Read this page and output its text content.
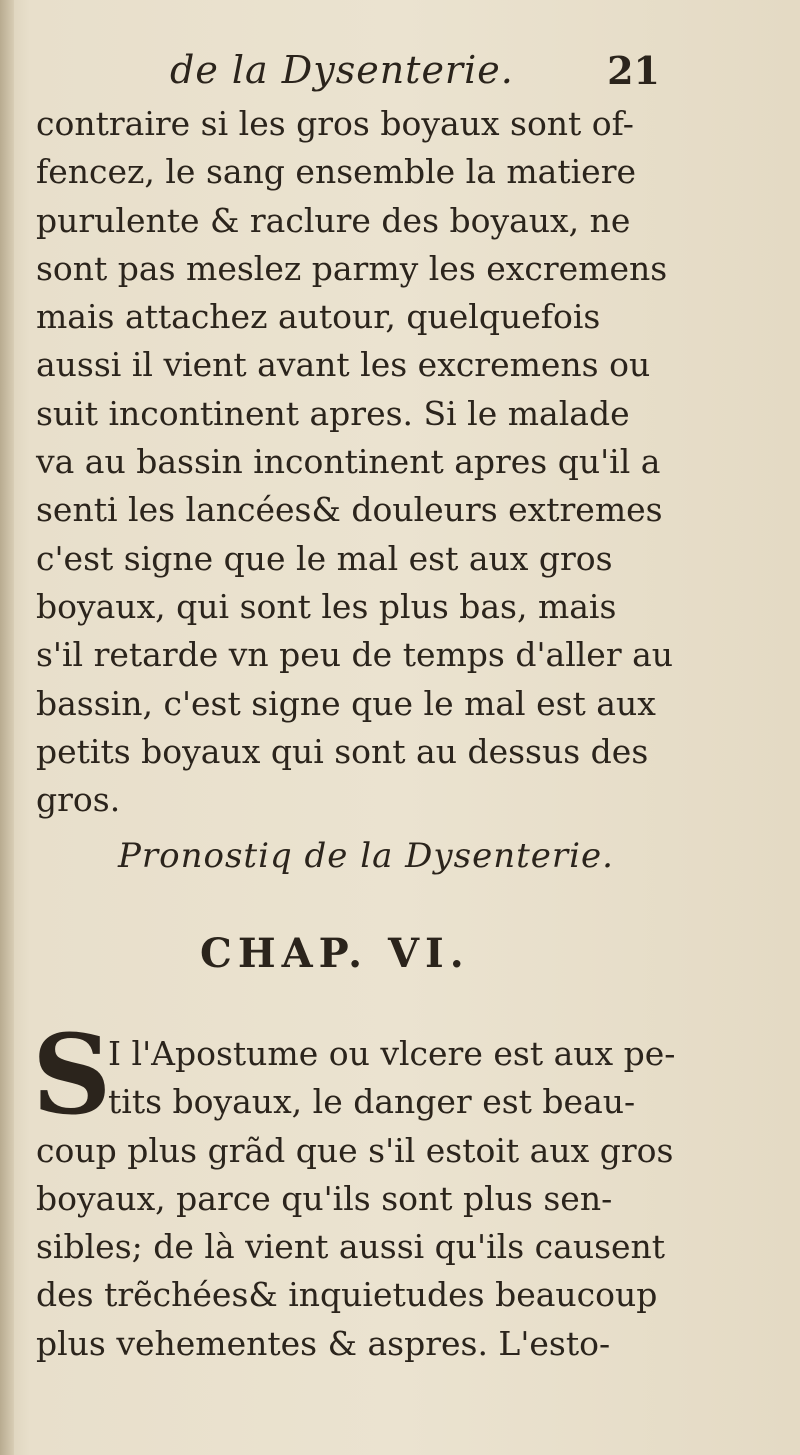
de la Dysenterie. 21
contraire si les gros boyaux sont of-
fencez, le sang ensemble la matiere
purulente & raclure des boyaux, ne
sont pas meslez parmy les excremens
mais attachez autour, quelquefois
aussi il vient avant les excremens ou
suit incontinent apres. Si le malade
va au bassin incontinent apres qu'il a
senti les lancées& douleurs extremes
c'est signe que le mal est aux gros
boyaux, qui sont les plus bas, mais
s'il retarde vn peu de temps d'aller au
bassin, c'est signe que le mal est aux
petits boyaux qui sont au dessus des
gros.
Pronostiq de la Dysenterie.
CHAP. VI.
S
I l'Apostume ou vlcere est aux pe-
tits boyaux, le danger est beau-
coup plus grãd que s'il estoit aux gros
boyaux, parce qu'ils sont plus sen-
sibles; de là vient aussi qu'ils causent
des trẽchées& inquietudes beaucoup
plus vehementes & aspres. L'esto-
